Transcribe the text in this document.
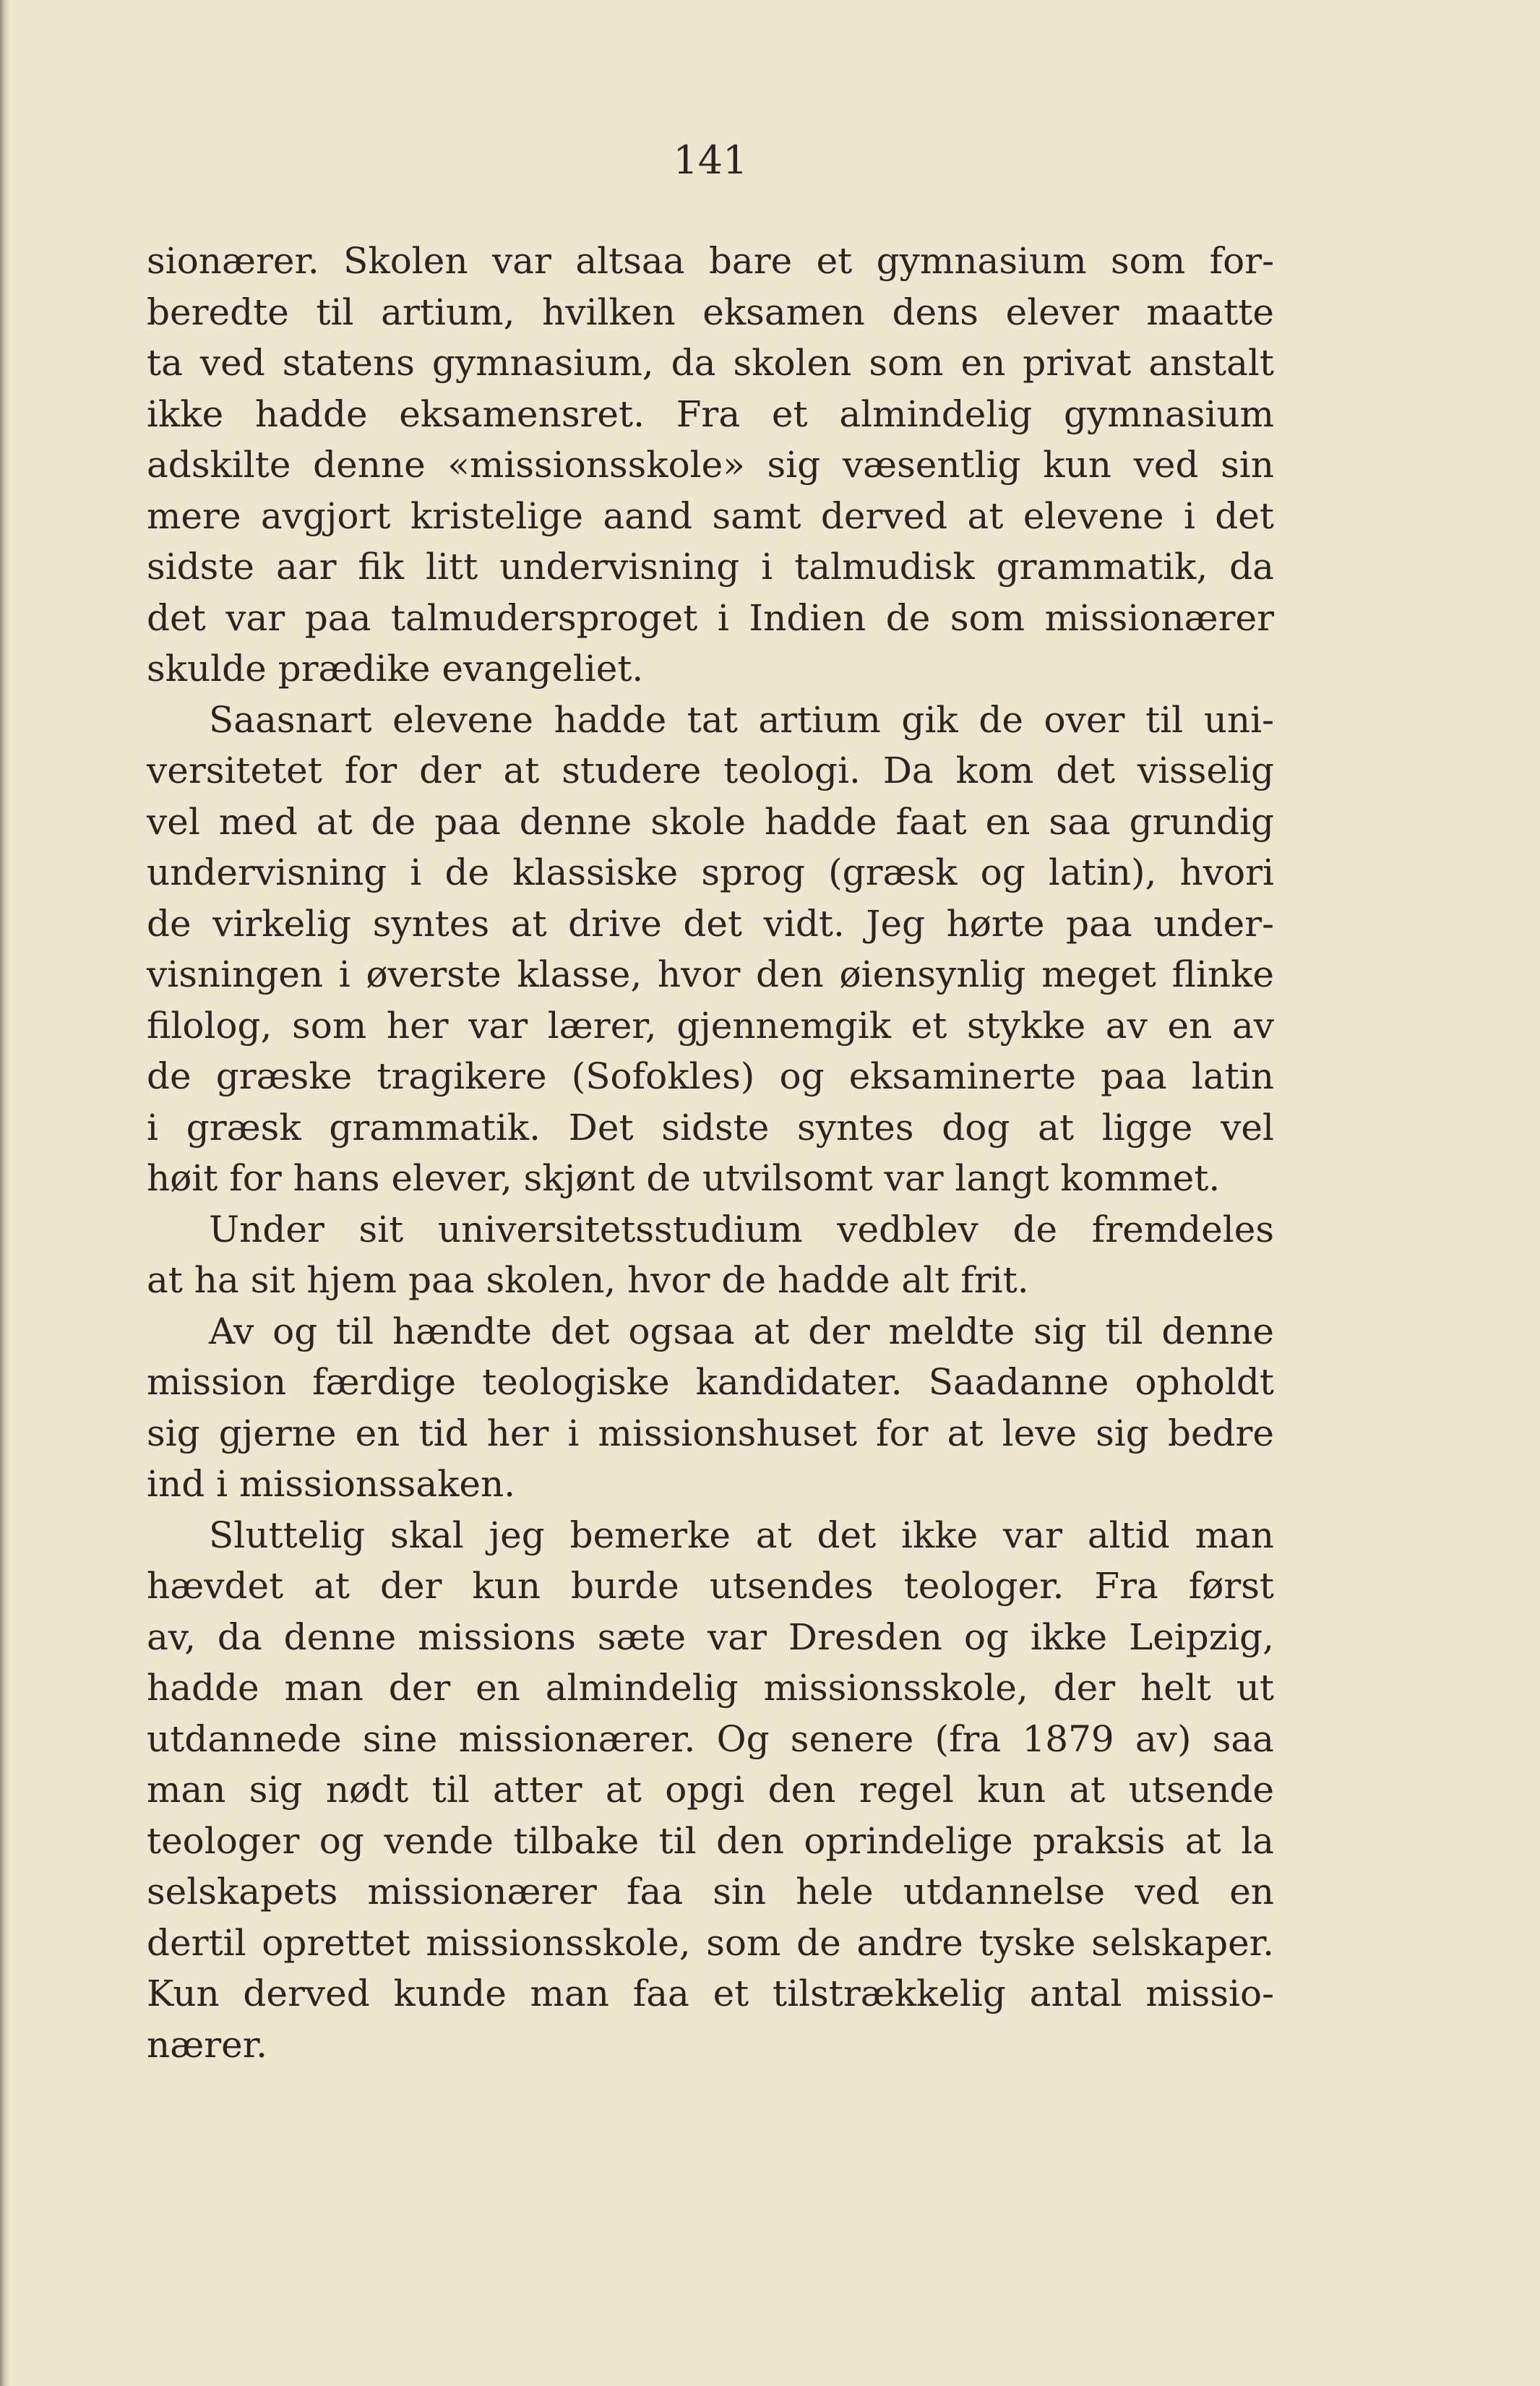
141
sionærer. Skolen var altsaa bare et gymnasium som for-
beredte til artium, hvilken eksamen dens elever maatte
ta ved statens gymnasium, da skolen som en privat anstalt
ikke hadde eksamensret. Fra et almindelig gymnasium
adskilte denne «missionsskole» sig væsentlig kun ved sin
mere avgjort kristelige aand samt derved at elevene i det
sidste aar fik litt undervisning i talmudisk grammatik, da
det var paa talmudersproget i Indien de som missionærer
skulde prædike evangeliet.
Saasnart elevene hadde tat artium gik de over til uni-
versitetet for der at studere teologi. Da kom det visselig
vel med at de paa denne skole hadde faat en saa grundig
undervisning i de klassiske sprog (græsk og latin), hvori
de virkelig syntes at drive det vidt. Jeg hørte paa under-
visningen i øverste klasse, hvor den øiensynlig meget flinke
filolog, som her var lærer, gjennemgik et stykke av en av
de græske tragikere (Sofokles) og eksaminerte paa latin
i græsk grammatik. Det sidste syntes dog at ligge vel
høit for hans elever, skjønt de utvilsomt var langt kommet.
Under sit universitetsstudium vedblev de fremdeles
at ha sit hjem paa skolen, hvor de hadde alt frit.
Av og til hændte det ogsaa at der meldte sig til denne
mission færdige teologiske kandidater. Saadanne opholdt
sig gjerne en tid her i missionshuset for at leve sig bedre
ind i missionssaken.
Sluttelig skal jeg bemerke at det ikke var altid man
hævdet at der kun burde utsendes teologer. Fra først
av, da denne missions sæte var Dresden og ikke Leipzig,
hadde man der en almindelig missionsskole, der helt ut
utdannede sine missionærer. Og senere (fra 1879 av) saa
man sig nødt til atter at opgi den regel kun at utsende
teologer og vende tilbake til den oprindelige praksis at la
selskapets missionærer faa sin hele utdannelse ved en
dertil oprettet missionsskole, som de andre tyske selskaper.
Kun derved kunde man faa et tilstrækkelig antal missio-
nærer.
